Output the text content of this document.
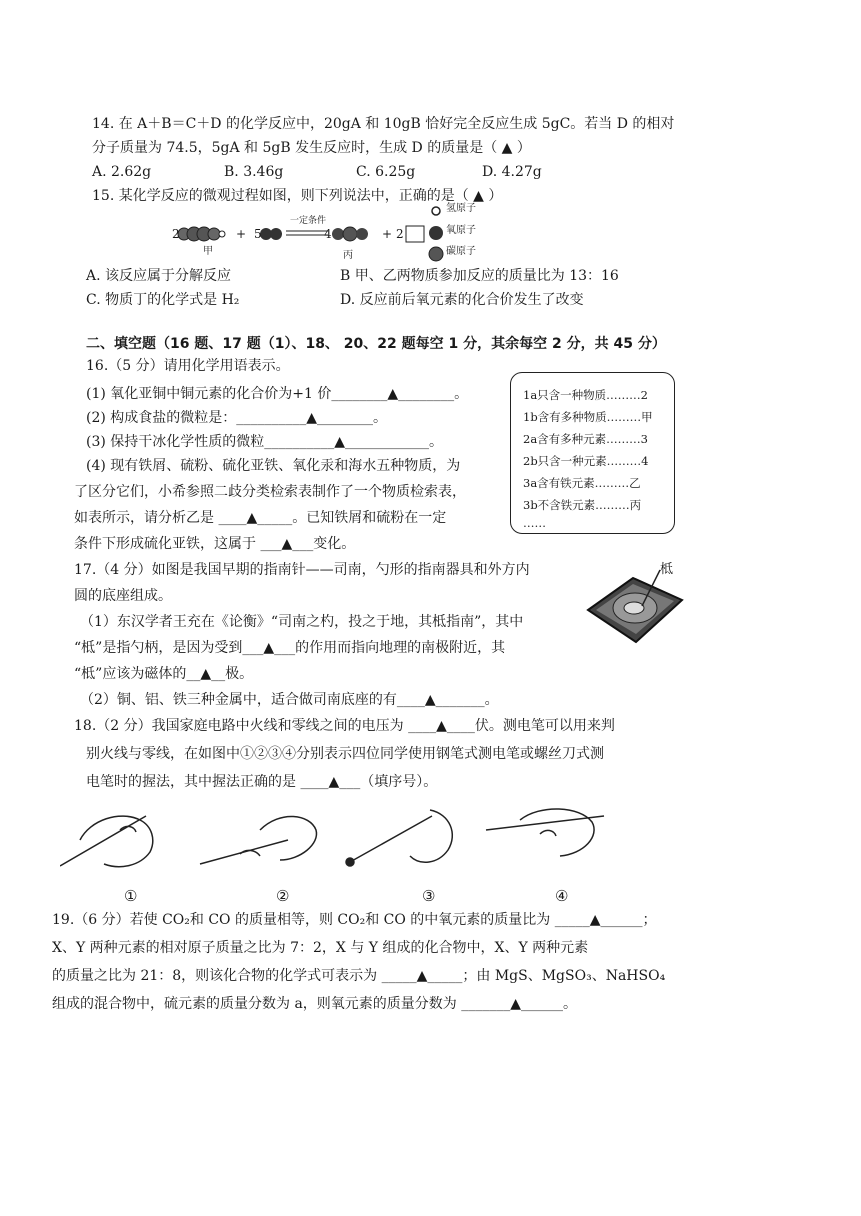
14. 在 A＋B＝C＋D 的化学反应中，20gA 和 10gB 恰好完全反应生成 5gC。若当 D 的相对
分子质量为 74.5，5gA 和 5gB 发生反应时，生成 D 的质量是（ ▲ ）
A. 2.62g	B. 3.46g	C. 6.25g	D. 4.27g
15. 某化学反应的微观过程如图，则下列说法中，正确的是（ ▲ ）
氢原子
氧原子
碳原子
2	+ 5
一定条件
4	+ 2
甲	丙
A. 该反应属于分解反应	B 甲、乙两物质参加反应的质量比为 13：16
C. 物质丁的化学式是 H₂	D. 反应前后氧元素的化合价发生了改变
二、填空题（16 题、17 题（1）、18、 20、22 题每空 1 分，其余每空 2 分，共 45 分）
16.（5 分）请用化学用语表示。
(1) 氧化亚铜中铜元素的化合价为+1 价________▲________。
(2) 构成食盐的微粒是：__________▲________。
(3) 保持干冰化学性质的微粒__________▲____________。
(4) 现有铁屑、硫粉、硫化亚铁、氧化汞和海水五种物质，为
了区分它们，小希参照二歧分类检索表制作了一个物质检索表，
如表所示，请分析乙是 ____▲_____。已知铁屑和硫粉在一定
条件下形成硫化亚铁，这属于 ___▲___变化。
1a只含一种物质………2
1b含有多种物质………甲
2a含有多种元素………3
2b只含一种元素………4
3a含有铁元素………乙
3b不含铁元素………丙
……
17.（4 分）如图是我国早期的指南针——司南，勺形的指南器具和外方内
圆的底座组成。
（1）东汉学者王充在《论衡》“司南之杓，投之于地，其柢指南”，其中
“柢”是指勺柄，是因为受到___▲___的作用而指向地理的南极附近，其
“柢”应该为磁体的__▲__极。
（2）铜、铝、铁三种金属中，适合做司南底座的有____▲_______。
柢
18.（2 分）我国家庭电路中火线和零线之间的电压为 ____▲____伏。测电笔可以用来判
别火线与零线，在如图中①②③④分别表示四位同学使用钢笔式测电笔或螺丝刀式测
电笔时的握法，其中握法正确的是 ____▲___（填序号）。
①	②	③	④
19.（6 分）若使 CO₂和 CO 的质量相等，则 CO₂和 CO 的中氧元素的质量比为 _____▲______；
X、Y 两种元素的相对原子质量之比为 7：2，X 与 Y 组成的化合物中，X、Y 两种元素
的质量之比为 21：8，则该化合物的化学式可表示为 _____▲_____；由 MgS、MgSO₃、NaHSO₄
组成的混合物中，硫元素的质量分数为 a，则氧元素的质量分数为 _______▲______。
